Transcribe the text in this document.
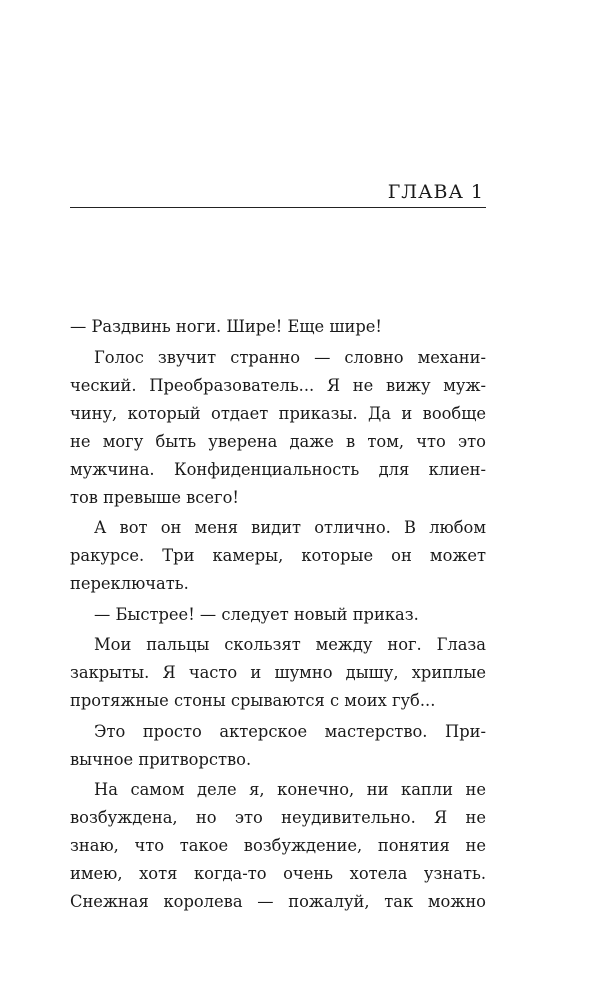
ГЛАВА 1
— Раздвинь ноги. Шире! Еще шире!
Голос звучит странно — словно механи-
ческий. Преобразователь... Я не вижу муж-
чину, который отдает приказы. Да и вообще
не могу быть уверена даже в том, что это
мужчина. Конфиденциальность для клиен-
тов превыше всего!
А вот он меня видит отлично. В любом
ракурсе. Три камеры, которые он может
переключать.
— Быстрее! — следует новый приказ.
Мои пальцы скользят между ног. Глаза
закрыты. Я часто и шумно дышу, хриплые
протяжные стоны срываются с моих губ...
Это просто актерское мастерство. При-
вычное притворство.
На самом деле я, конечно, ни капли не
возбуждена, но это неудивительно. Я не
знаю, что такое возбуждение, понятия не
имею, хотя когда-то очень хотела узнать.
Снежная королева — пожалуй, так можно
